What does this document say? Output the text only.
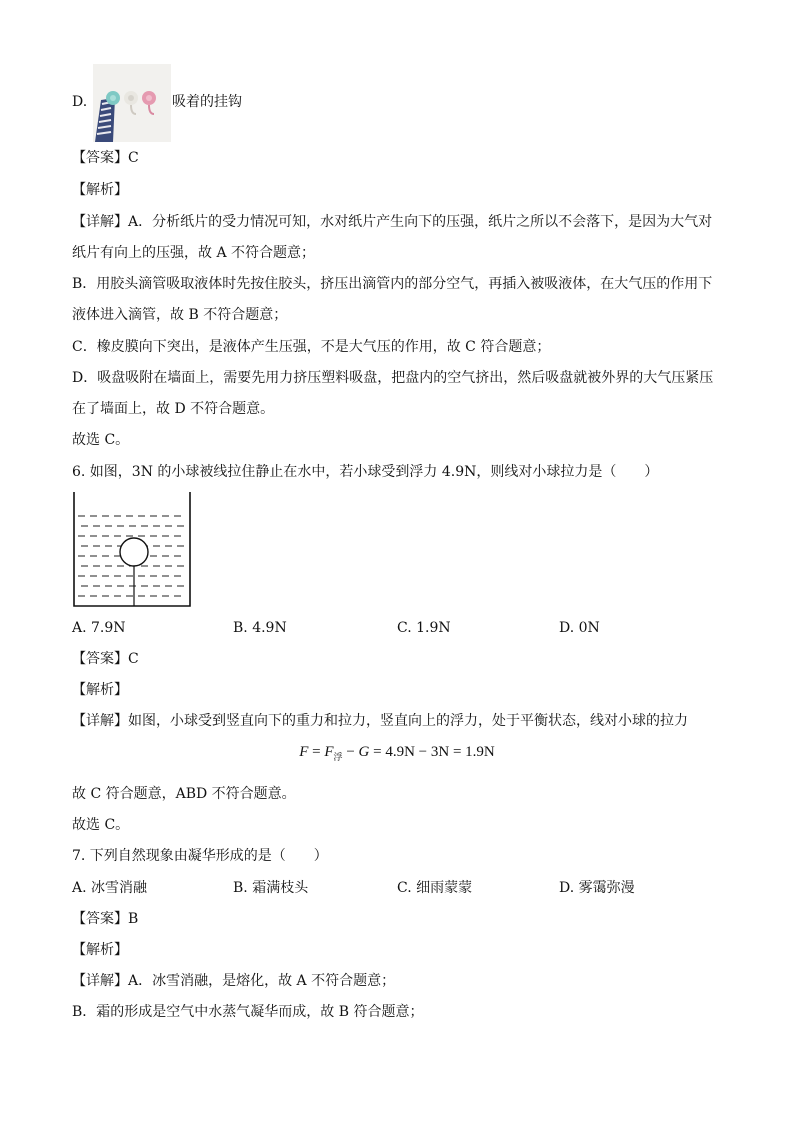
D.	吸着的挂钩
【答案】C
【解析】
【详解】A．分析纸片的受力情况可知，水对纸片产生向下的压强，纸片之所以不会落下，是因为大气对
纸片有向上的压强，故 A 不符合题意；
B．用胶头滴管吸取液体时先按住胶头，挤压出滴管内的部分空气，再插入被吸液体，在大气压的作用下
液体进入滴管，故 B 不符合题意；
C．橡皮膜向下突出，是液体产生压强，不是大气压的作用，故 C 符合题意；
D．吸盘吸附在墙面上，需要先用力挤压塑料吸盘，把盘内的空气挤出，然后吸盘就被外界的大气压紧压
在了墙面上，故 D 不符合题意。
故选 C。
6. 如图，3N 的小球被线拉住静止在水中，若小球受到浮力 4.9N，则线对小球拉力是（　　）
A. 7.9N	B. 4.9N	C. 1.9N	D. 0N
【答案】C
【解析】
【详解】如图，小球受到竖直向下的重力和拉力，竖直向上的浮力，处于平衡状态，线对小球的拉力
$F = F_浮 - G = 4.9N - 3N = 1.9N$
故 C 符合题意，ABD 不符合题意。
故选 C。
7. 下列自然现象由凝华形成的是（　　）
A. 冰雪消融	B. 霜满枝头	C. 细雨蒙蒙	D. 雾霭弥漫
【答案】B
【解析】
【详解】A．冰雪消融，是熔化，故 A 不符合题意；
B．霜的形成是空气中水蒸气凝华而成，故 B 符合题意；
